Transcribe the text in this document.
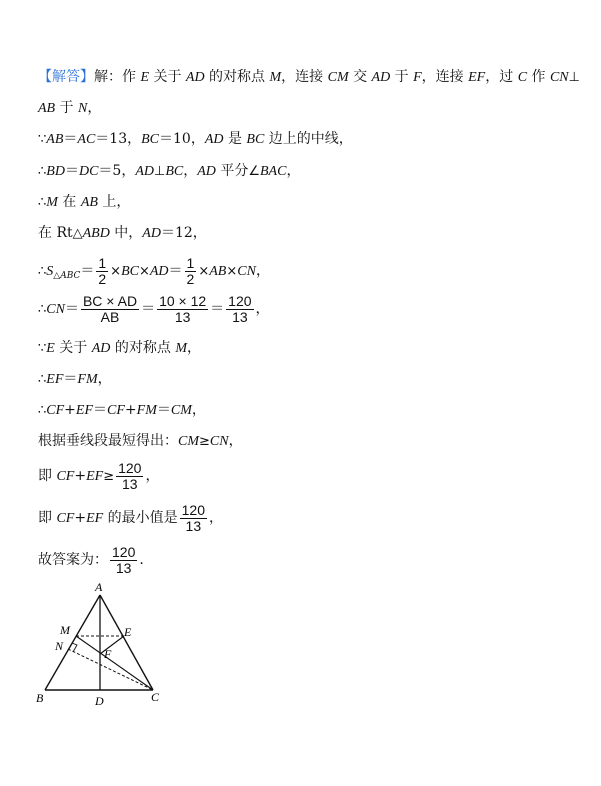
【解答】解：作 E 关于 AD 的对称点 M，连接 CM 交 AD 于 F，连接 EF，过 C 作 CN⊥
AB 于 N，
∵AB＝AC＝13，BC＝10，AD 是 BC 边上的中线，
∴BD＝DC＝5，AD⊥BC，AD 平分∠BAC，
∴M 在 AB 上，
在 Rt△ABD 中，AD＝12，
$\therefore S_{\triangle ABC}= \frac{1}{2} \times BC\times AD= \frac{1}{2} \times AB\times CN$，
∴CN＝ $\frac{BC \times AD}{AB} = \frac{10 \times 12}{13} = \frac{120}{13}$ ，
∵E 关于 AD 的对称点 M，
∴EF＝FM，
∴CF+EF＝CF+FM＝CM，
根据垂线段最短得出：CM≥CN，
即 $CF+EF\ge \frac{120}{13}$ ，
即 CF+EF 的最小值是 $\frac{120}{13}$ ，
故答案为： $\frac{120}{13}$ .
A
B	C
D
E
F
M
N
